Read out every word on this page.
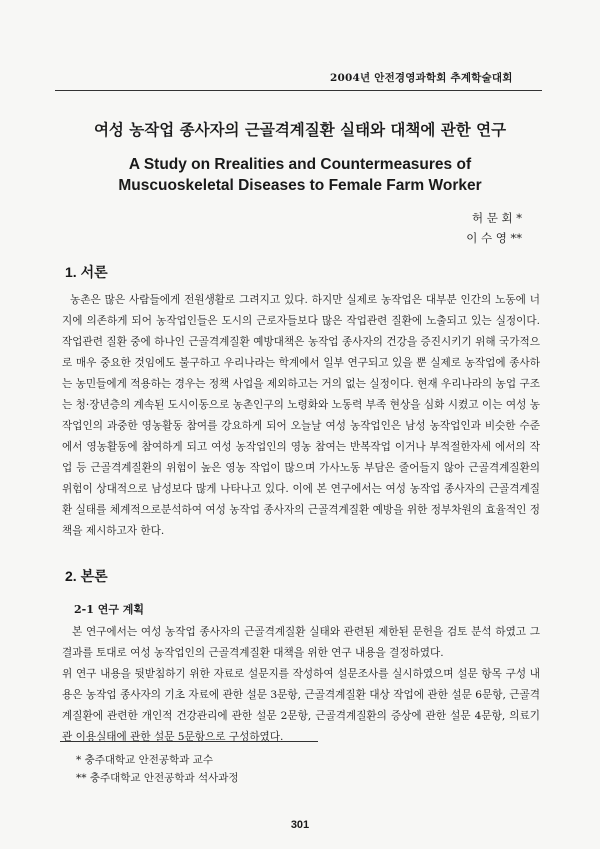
2004년 안전경영과학회 추계학술대회
여성 농작업 종사자의 근골격계질환 실태와 대책에 관한 연구
A Study on Rrealities and Countermeasures of
Muscuoskeletal Diseases to Female Farm Worker
허 문 회 *
이 수 영 **
1. 서론

농촌은 많은 사람들에게 전원생활로 그려지고 있다. 하지만 실제로 농작업은 대부분 인간의 노동에 너지에 의존하게 되어 농작업인들은 도시의 근로자들보다 많은 작업관련 질환에 노출되고 있는 실정이다. 작업관련 질환 중에 하나인 근골격계질환 예방대책은 농작업 종사자의 건강을 증진시키기 위해 국가적으로 매우 중요한 것임에도 불구하고 우리나라는 학계에서 일부 연구되고 있을 뿐 실제로 농작업에 종사하는 농민들에게 적용하는 경우는 정책 사업을 제외하고는 거의 없는 실정이다. 현재 우리나라의 농업 구조는 청·장년층의 계속된 도시이동으로 농촌인구의 노령화와 노동력 부족 현상을 심화 시켰고 이는 여성 농작업인의 과중한 영농활동 참여를 강요하게 되어 오늘날 여성 농작업인은 남성 농작업인과 비슷한 수준에서 영농활동에 참여하게 되고 여성 농작업인의 영농 참여는 반복작업 이거나 부적절한자세 에서의 작업 등 근골격계질환의 위험이 높은 영농 작업이 많으며 가사노동 부담은 줄어들지 않아 근골격계질환의 위험이 상대적으로 남성보다 많게 나타나고 있다. 이에 본 연구에서는 여성 농작업 종사자의 근골격계질환 실태를 체계적으로분석하여 여성 농작업 종사자의 근골격계질환 예방을 위한 정부차원의 효율적인 정책을 제시하고자 한다.

2. 본론
2-1 연구 계획

본 연구에서는 여성 농작업 종사자의 근골격계질환 실태와 관련된 제한된 문헌을 검토 분석 하였고 그 결과를 토대로 여성 농작업인의 근골격계질환 대책을 위한 연구 내용을 결정하였다.

위 연구 내용을 뒷받침하기 위한 자료로 설문지를 작성하여 설문조사를 실시하였으며 설문 항목 구성 내용은 농작업 종사자의 기초 자료에 관한 설문 3문항, 근골격계질환 대상 작업에 관한 설문 6문항, 근골격계질환에 관련한 개인적 건강관리에 관한 설문 2문항, 근골격계질환의 증상에 관한 설문 4문항, 의료기관 이용실태에 관한 설문 5문항으로 구성하였다.

* 충주대학교 안전공학과 교수
** 충주대학교 안전공학과 석사과정
301
